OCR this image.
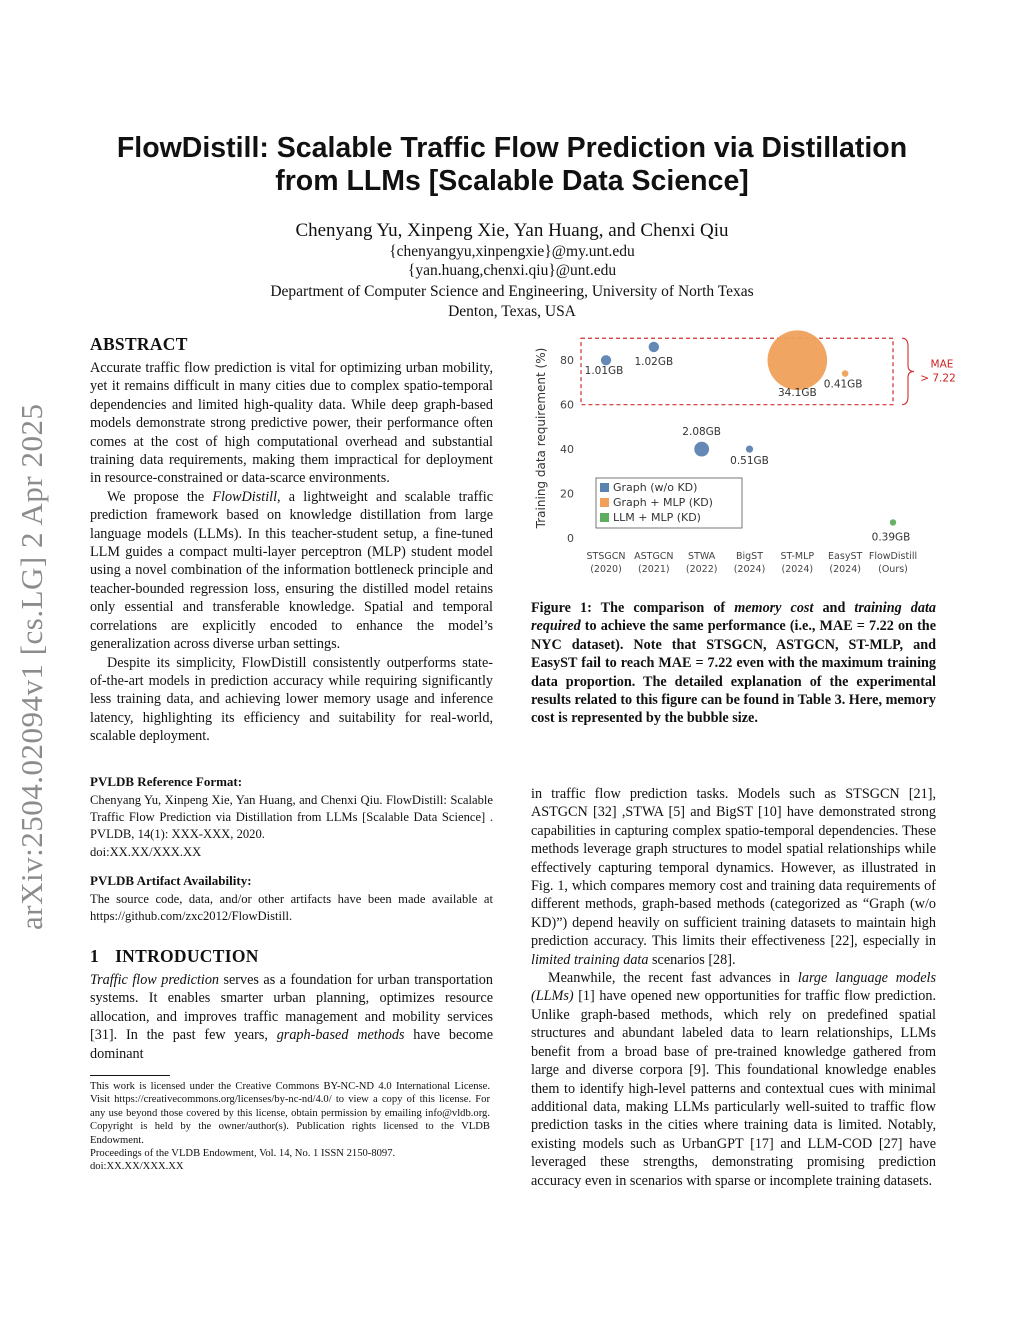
arXiv:2504.02094v1 [cs.LG] 2 Apr 2025
FlowDistill: Scalable Traffic Flow Prediction via Distillation
from LLMs [Scalable Data Science]
Chenyang Yu, Xinpeng Xie, Yan Huang, and Chenxi Qiu
{chenyangyu,xinpengxie}@my.unt.edu
{yan.huang,chenxi.qiu}@unt.edu
Department of Computer Science and Engineering, University of North Texas
Denton, Texas, USA
ABSTRACT

Accurate traffic flow prediction is vital for optimizing urban mobility, yet it remains difficult in many cities due to complex spatio-temporal dependencies and limited high-quality data. While deep graph-based models demonstrate strong predictive power, their performance often comes at the cost of high computational overhead and substantial training data requirements, making them impractical for deployment in resource-constrained or data-scarce environments.

We propose the FlowDistill, a lightweight and scalable traffic prediction framework based on knowledge distillation from large language models (LLMs). In this teacher-student setup, a fine-tuned LLM guides a compact multi-layer perceptron (MLP) student model using a novel combination of the information bottleneck principle and teacher-bounded regression loss, ensuring the distilled model retains only essential and transferable knowledge. Spatial and temporal correlations are explicitly encoded to enhance the model’s generalization across diverse urban settings.

Despite its simplicity, FlowDistill consistently outperforms state-of-the-art models in prediction accuracy while requiring significantly less training data, and achieving lower memory usage and inference latency, highlighting its efficiency and suitability for real-world, scalable deployment.

PVLDB Reference Format:
Chenyang Yu, Xinpeng Xie, Yan Huang, and Chenxi Qiu. FlowDistill: Scalable Traffic Flow Prediction via Distillation from LLMs [Scalable Data Science] . PVLDB, 14(1): XXX-XXX, 2020.
doi:XX.XX/XXX.XX
PVLDB Artifact Availability:
The source code, data, and/or other artifacts have been made available at https://github.com/zxc2012/FlowDistill.
1 INTRODUCTION

Traffic flow prediction serves as a foundation for urban transportation systems. It enables smarter urban planning, optimizes resource allocation, and improves traffic management and mobility services [31]. In the past few years, graph-based methods have become dominant

This work is licensed under the Creative Commons BY-NC-ND 4.0 International License. Visit https://creativecommons.org/licenses/by-nc-nd/4.0/ to view a copy of this license. For any use beyond those covered by this license, obtain permission by emailing info@vldb.org. Copyright is held by the owner/author(s). Publication rights licensed to the VLDB Endowment.
Proceedings of the VLDB Endowment, Vol. 14, No. 1 ISSN 2150-8097.
doi:XX.XX/XXX.XX
Training data requirement (%)
0
20
40
60
80	MAE
> 7.22
STSGCN
(2020)
ASTGCN
(2021)
STWA
(2022)
BigST
(2024)
ST-MLP
(2024)
EasyST
(2024)
FlowDistill
(Ours)
1.01GB
1.02GB
2.08GB
0.51GB
34.1GB
0.41GB
0.39GB
Graph (w/o KD)
Graph + MLP (KD)
LLM + MLP (KD)
Figure 1: The comparison of memory cost and training data required to achieve the same performance (i.e., MAE = 7.22 on the NYC dataset). Note that STSGCN, ASTGCN, ST-MLP, and EasyST fail to reach MAE = 7.22 even with the maximum training data proportion. The detailed explanation of the experimental results related to this figure can be found in Table 3. Here, memory cost is represented by the bubble size.

in traffic flow prediction tasks. Models such as STSGCN [21], ASTGCN [32] ,STWA [5] and BigST [10] have demonstrated strong capabilities in capturing complex spatio-temporal dependencies. These methods leverage graph structures to model spatial relationships while effectively capturing temporal dynamics. However, as illustrated in Fig. 1, which compares memory cost and training data requirements of different methods, graph-based methods (categorized as “Graph (w/o KD)”) depend heavily on sufficient training datasets to maintain high prediction accuracy. This limits their effectiveness [22], especially in limited training data scenarios [28].

Meanwhile, the recent fast advances in large language models (LLMs) [1] have opened new opportunities for traffic flow prediction. Unlike graph-based methods, which rely on predefined spatial structures and abundant labeled data to learn relationships, LLMs benefit from a broad base of pre-trained knowledge gathered from large and diverse corpora [9]. This foundational knowledge enables them to identify high-level patterns and contextual cues with minimal additional data, making LLMs particularly well-suited to traffic flow prediction tasks in the cities where training data is limited. Notably, existing models such as UrbanGPT [17] and LLM-COD [27] have leveraged these strengths, demonstrating promising prediction accuracy even in scenarios with sparse or incomplete training datasets.
